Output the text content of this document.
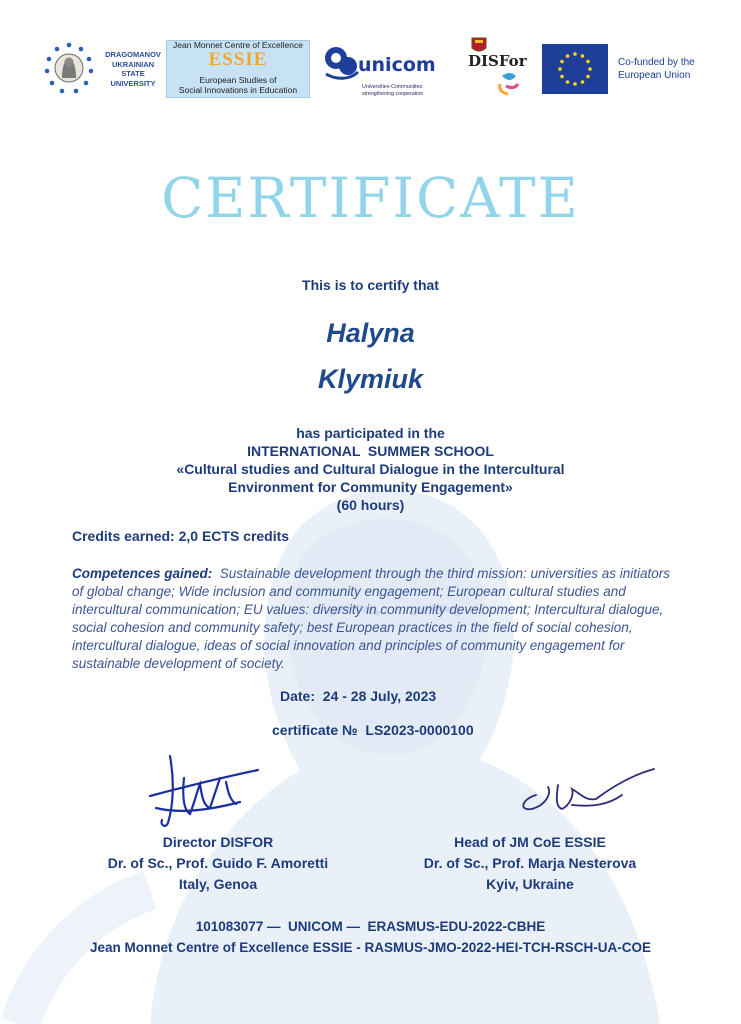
DRAGOMANOV
UKRAINIAN
STATE
UNIVERSITY
Jean Monnet Centre of Excellence
ESSIE
European Studies of
Social Innovations in Education
unicom
Universities-Communities:
strengthening cooperation
DISFor	Co-funded by the
European Union
CERTIFICATE
This is to certify that
Halyna
Klymiuk
has participated in the
INTERNATIONAL  SUMMER SCHOOL
«Cultural studies and Cultural Dialogue in the Intercultural
Environment for Community Engagement»
(60 hours)
Credits earned: 2,0 ECTS credits
Competences gained: Sustainable development through the third mission: universities as initiators of global change; Wide inclusion and community engagement; European cultural studies and intercultural communication; EU values: diversity in community development; Intercultural dialogue, social cohesion and community safety; best European practices in the field of social cohesion, intercultural dialogue, ideas of social innovation and principles of community engagement for sustainable development of society.
Date:  24 - 28 July, 2023
certificate №  LS2023-0000100
Director DISFOR
Dr. of Sc., Prof. Guido F. Amoretti
Italy, Genoa
Head of JM CoE ESSIE
Dr. of Sc., Prof. Marja Nesterova
Kyiv, Ukraine
101083077 —  UNICOM —  ERASMUS-EDU-2022-CBHE
Jean Monnet Centre of Excellence ESSIE - RASMUS-JMO-2022-HEI-TCH-RSCH-UA-COE
